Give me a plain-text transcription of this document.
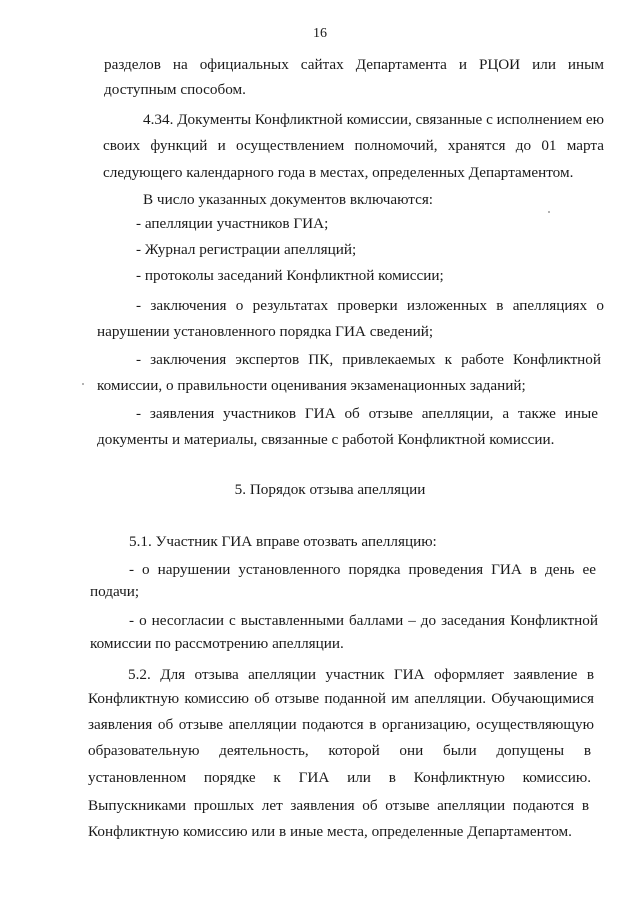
16
разделов на официальных сайтах Департамента и РЦОИ или иным
доступным способом.
4.34. Документы Конфликтной комиссии, связанные с исполнением ею
своих функций и осуществлением полномочий, хранятся до 01 марта
следующего календарного года в местах, определенных Департаментом.
В число указанных документов включаются:
- апелляции участников ГИА;
- Журнал регистрации апелляций;
- протоколы заседаний Конфликтной комиссии;
- заключения о результатах проверки изложенных в апелляциях о
нарушении установленного порядка ГИА сведений;
- заключения экспертов ПК, привлекаемых к работе Конфликтной
комиссии, о правильности оценивания экзаменационных заданий;
- заявления участников ГИА об отзыве апелляции, а также иные
документы и материалы, связанные с работой Конфликтной комиссии.
5. Порядок отзыва апелляции
5.1. Участник ГИА вправе отозвать апелляцию:
- о нарушении установленного порядка проведения ГИА в день ее
подачи;
- о несогласии с выставленными баллами – до заседания Конфликтной
комиссии по рассмотрению апелляции.
5.2. Для отзыва апелляции участник ГИА оформляет заявление в
Конфликтную комиссию об отзыве поданной им апелляции. Обучающимися
заявления об отзыве апелляции подаются в организацию, осуществляющую
образовательную деятельность, которой они были допущены в
установленном порядке к ГИА или в Конфликтную комиссию.
Выпускниками прошлых лет заявления об отзыве апелляции подаются в
Конфликтную комиссию или в иные места, определенные Департаментом.
